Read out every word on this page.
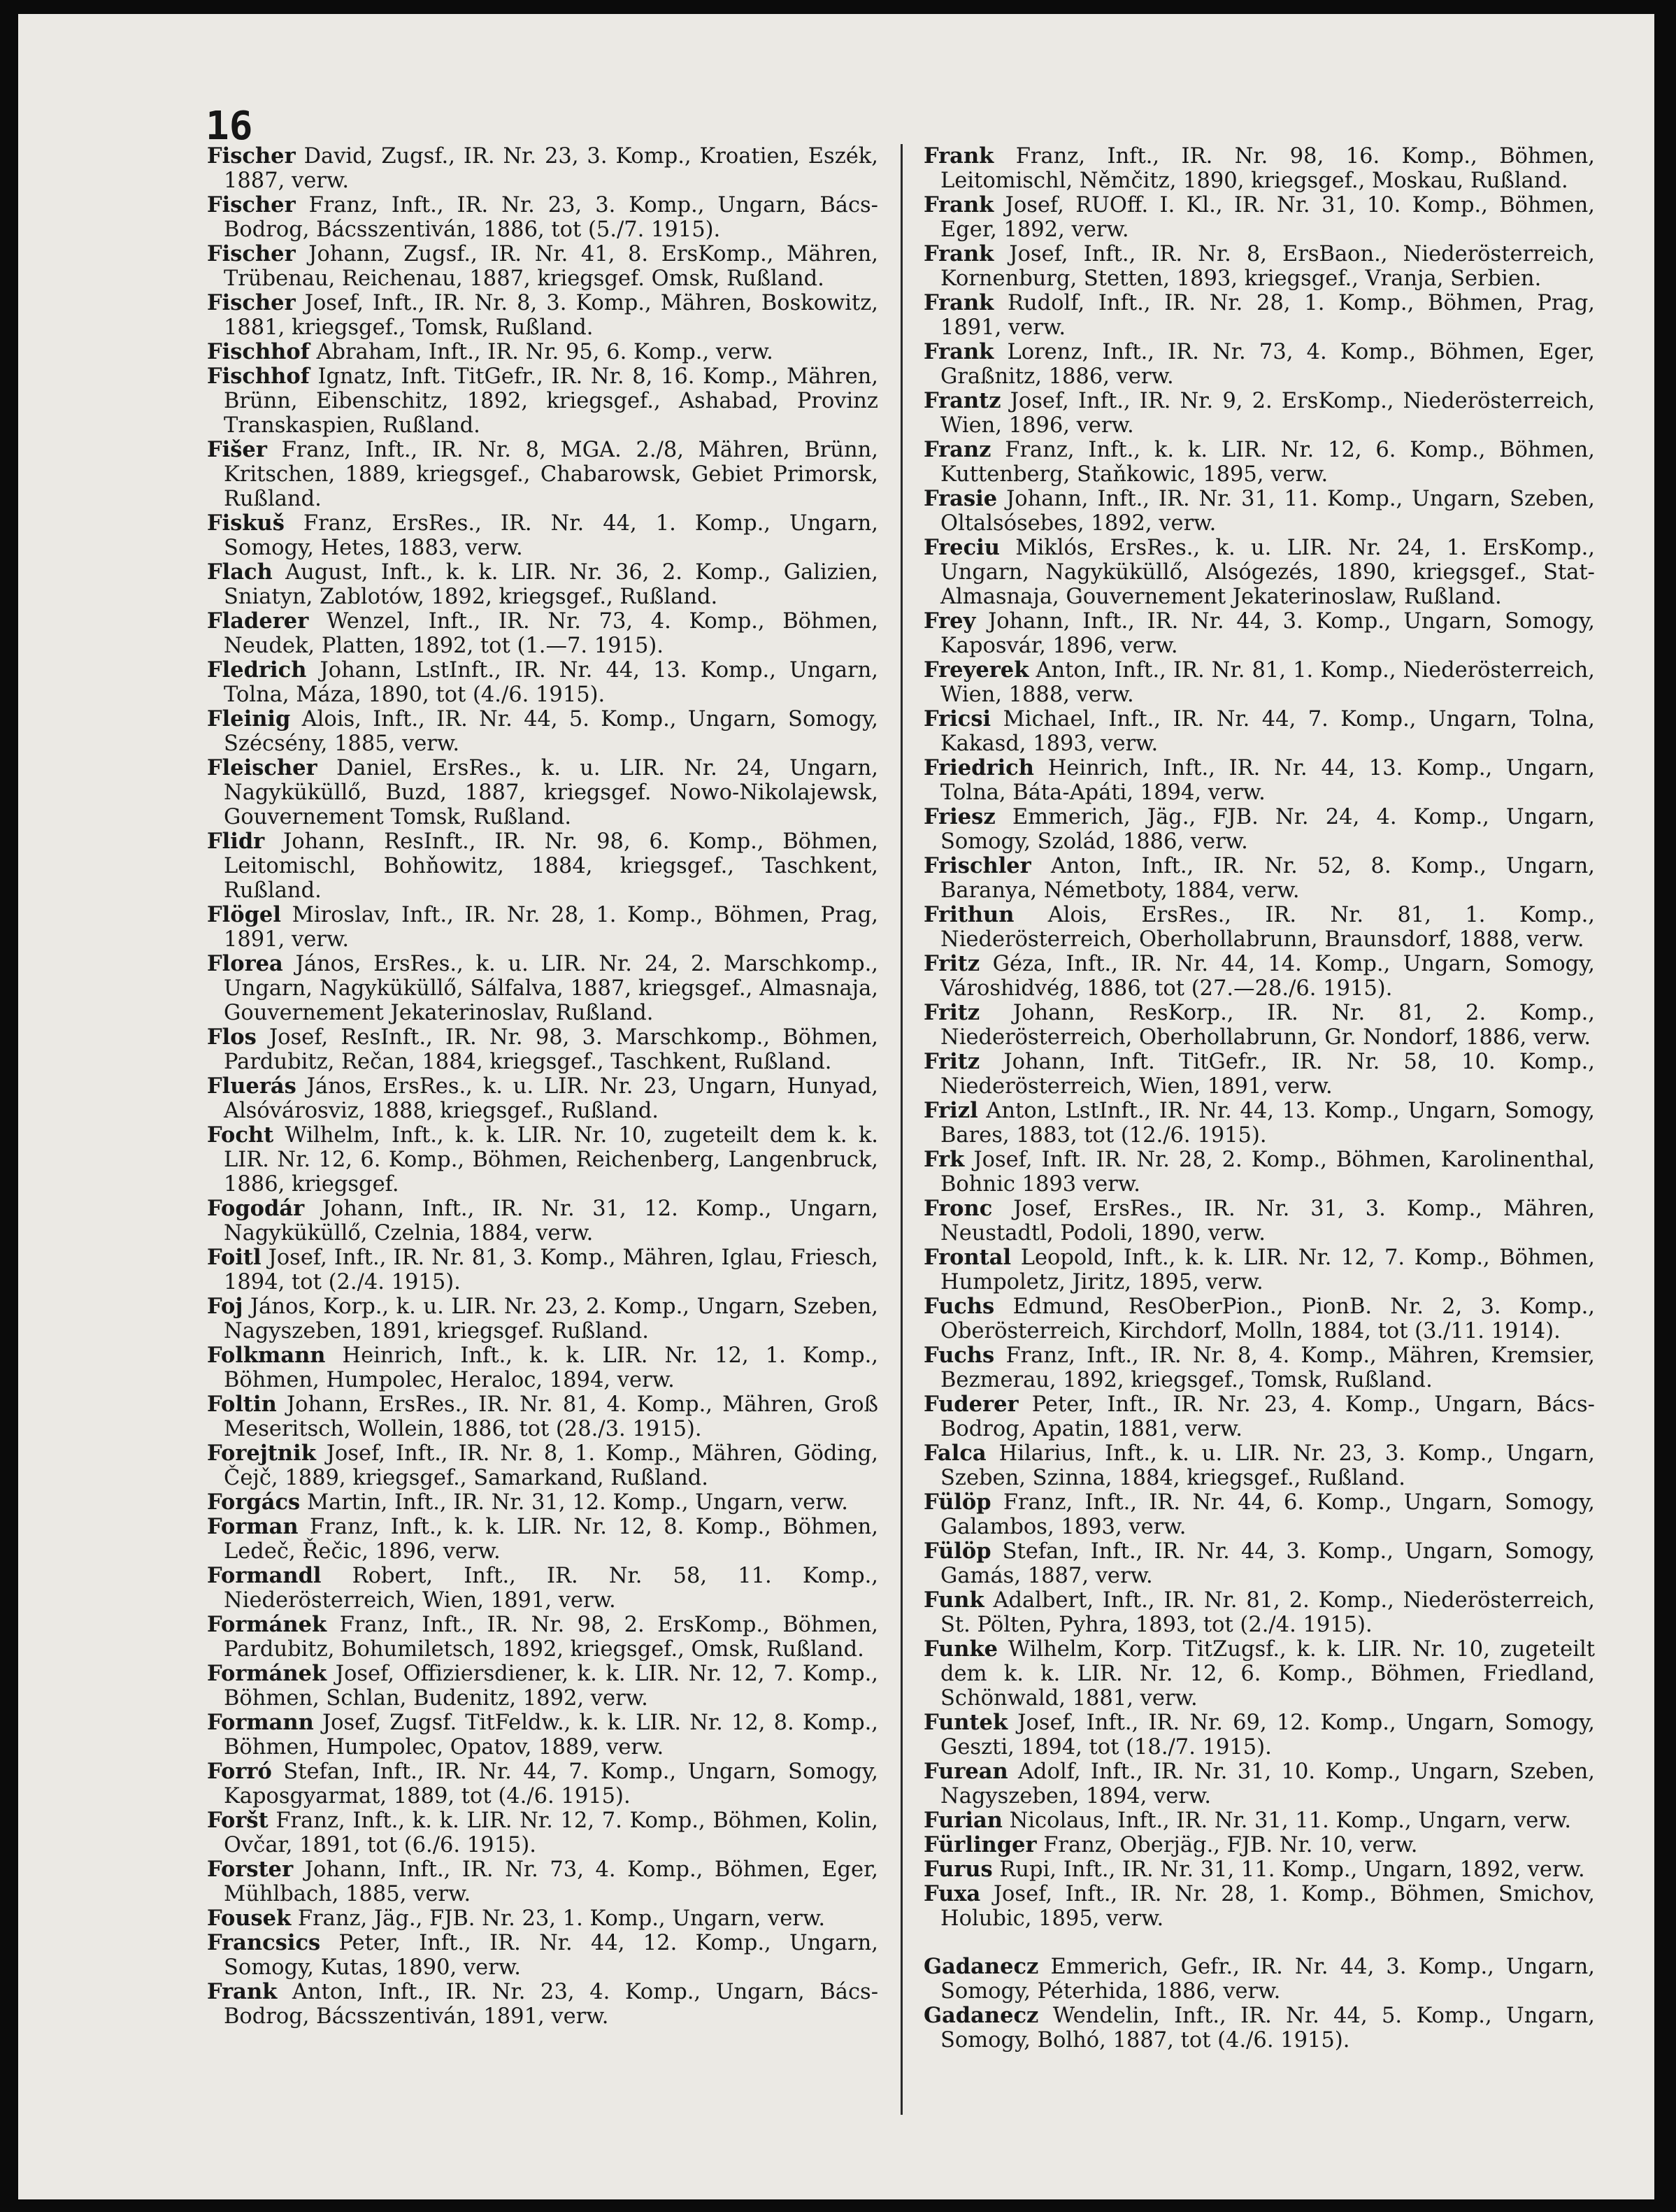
16

Fischer David, Zugsf., IR. Nr. 23, 3. Komp., Kroatien, Eszék, 1887, verw.

Fischer Franz, Inft., IR. Nr. 23, 3. Komp., Ungarn, Bács-Bodrog, Bácsszentiván, 1886, tot (5./7. 1915).

Fischer Johann, Zugsf., IR. Nr. 41, 8. ErsKomp., Mähren, Trübenau, Reichenau, 1887, kriegsgef. Omsk, Rußland.

Fischer Josef, Inft., IR. Nr. 8, 3. Komp., Mähren, Boskowitz, 1881, kriegsgef., Tomsk, Rußland.

Fischhof Abraham, Inft., IR. Nr. 95, 6. Komp., verw.

Fischhof Ignatz, Inft. TitGefr., IR. Nr. 8, 16. Komp., Mähren, Brünn, Eibenschitz, 1892, kriegsgef., Ashabad, Provinz Transkaspien, Rußland.

Fišer Franz, Inft., IR. Nr. 8, MGA. 2./8, Mähren, Brünn, Kritschen, 1889, kriegsgef., Chabarowsk, Gebiet Primorsk, Rußland.

Fiskuš Franz, ErsRes., IR. Nr. 44, 1. Komp., Ungarn, Somogy, Hetes, 1883, verw.

Flach August, Inft., k. k. LIR. Nr. 36, 2. Komp., Galizien, Sniatyn, Zablotów, 1892, kriegsgef., Rußland.

Fladerer Wenzel, Inft., IR. Nr. 73, 4. Komp., Böhmen, Neudek, Platten, 1892, tot (1.—7. 1915).

Fledrich Johann, LstInft., IR. Nr. 44, 13. Komp., Ungarn, Tolna, Máza, 1890, tot (4./6. 1915).

Fleinig Alois, Inft., IR. Nr. 44, 5. Komp., Ungarn, Somogy, Szécsény, 1885, verw.

Fleischer Daniel, ErsRes., k. u. LIR. Nr. 24, Ungarn, Nagyküküllő, Buzd, 1887, kriegsgef. Nowo-Nikolajewsk, Gouvernement Tomsk, Rußland.

Flidr Johann, ResInft., IR. Nr. 98, 6. Komp., Böhmen, Leitomischl, Bohňowitz, 1884, kriegsgef., Taschkent, Rußland.

Flögel Miroslav, Inft., IR. Nr. 28, 1. Komp., Böhmen, Prag, 1891, verw.

Florea János, ErsRes., k. u. LIR. Nr. 24, 2. Marschkomp., Ungarn, Nagyküküllő, Sálfalva, 1887, kriegsgef., Almasnaja, Gouvernement Jekaterinoslav, Rußland.

Flos Josef, ResInft., IR. Nr. 98, 3. Marschkomp., Böhmen, Pardubitz, Rečan, 1884, kriegsgef., Taschkent, Rußland.

Fluerás János, ErsRes., k. u. LIR. Nr. 23, Ungarn, Hunyad, Alsóvárosviz, 1888, kriegsgef., Rußland.

Focht Wilhelm, Inft., k. k. LIR. Nr. 10, zugeteilt dem k. k. LIR. Nr. 12, 6. Komp., Böhmen, Reichenberg, Langenbruck, 1886, kriegsgef.

Fogodár Johann, Inft., IR. Nr. 31, 12. Komp., Ungarn, Nagyküküllő, Czelnia, 1884, verw.

Foitl Josef, Inft., IR. Nr. 81, 3. Komp., Mähren, Iglau, Friesch, 1894, tot (2./4. 1915).

Foj János, Korp., k. u. LIR. Nr. 23, 2. Komp., Ungarn, Szeben, Nagyszeben, 1891, kriegsgef. Rußland.

Folkmann Heinrich, Inft., k. k. LIR. Nr. 12, 1. Komp., Böhmen, Humpolec, Heraloc, 1894, verw.

Foltin Johann, ErsRes., IR. Nr. 81, 4. Komp., Mähren, Groß Meseritsch, Wollein, 1886, tot (28./3. 1915).

Forejtnik Josef, Inft., IR. Nr. 8, 1. Komp., Mähren, Göding, Čejč, 1889, kriegsgef., Samarkand, Rußland.

Forgács Martin, Inft., IR. Nr. 31, 12. Komp., Ungarn, verw.

Forman Franz, Inft., k. k. LIR. Nr. 12, 8. Komp., Böhmen, Ledeč, Řečic, 1896, verw.

Formandl Robert, Inft., IR. Nr. 58, 11. Komp., Niederösterreich, Wien, 1891, verw.

Formánek Franz, Inft., IR. Nr. 98, 2. ErsKomp., Böhmen, Pardubitz, Bohumiletsch, 1892, kriegsgef., Omsk, Rußland.

Formánek Josef, Offiziersdiener, k. k. LIR. Nr. 12, 7. Komp., Böhmen, Schlan, Budenitz, 1892, verw.

Formann Josef, Zugsf. TitFeldw., k. k. LIR. Nr. 12, 8. Komp., Böhmen, Humpolec, Opatov, 1889, verw.

Forró Stefan, Inft., IR. Nr. 44, 7. Komp., Ungarn, Somogy, Kaposgyarmat, 1889, tot (4./6. 1915).

Foršt Franz, Inft., k. k. LIR. Nr. 12, 7. Komp., Böhmen, Kolin, Ovčar, 1891, tot (6./6. 1915).

Forster Johann, Inft., IR. Nr. 73, 4. Komp., Böhmen, Eger, Mühlbach, 1885, verw.

Fousek Franz, Jäg., FJB. Nr. 23, 1. Komp., Ungarn, verw.

Francsics Peter, Inft., IR. Nr. 44, 12. Komp., Ungarn, Somogy, Kutas, 1890, verw.

Frank Anton, Inft., IR. Nr. 23, 4. Komp., Ungarn, Bács-Bodrog, Bácsszentiván, 1891, verw.

Frank Franz, Inft., IR. Nr. 98, 16. Komp., Böhmen, Leitomischl, Němčitz, 1890, kriegsgef., Moskau, Rußland.

Frank Josef, RUOff. I. Kl., IR. Nr. 31, 10. Komp., Böhmen, Eger, 1892, verw.

Frank Josef, Inft., IR. Nr. 8, ErsBaon., Niederösterreich, Kornenburg, Stetten, 1893, kriegsgef., Vranja, Serbien.

Frank Rudolf, Inft., IR. Nr. 28, 1. Komp., Böhmen, Prag, 1891, verw.

Frank Lorenz, Inft., IR. Nr. 73, 4. Komp., Böhmen, Eger, Graßnitz, 1886, verw.

Frantz Josef, Inft., IR. Nr. 9, 2. ErsKomp., Niederösterreich, Wien, 1896, verw.

Franz Franz, Inft., k. k. LIR. Nr. 12, 6. Komp., Böhmen, Kuttenberg, Staňkowic, 1895, verw.

Frasie Johann, Inft., IR. Nr. 31, 11. Komp., Ungarn, Szeben, Oltalsósebes, 1892, verw.

Freciu Miklós, ErsRes., k. u. LIR. Nr. 24, 1. ErsKomp., Ungarn, Nagyküküllő, Alsógezés, 1890, kriegsgef., Stat-Almasnaja, Gouvernement Jekaterinoslaw, Rußland.

Frey Johann, Inft., IR. Nr. 44, 3. Komp., Ungarn, Somogy, Kaposvár, 1896, verw.

Freyerek Anton, Inft., IR. Nr. 81, 1. Komp., Niederösterreich, Wien, 1888, verw.

Fricsi Michael, Inft., IR. Nr. 44, 7. Komp., Ungarn, Tolna, Kakasd, 1893, verw.

Friedrich Heinrich, Inft., IR. Nr. 44, 13. Komp., Ungarn, Tolna, Báta-Apáti, 1894, verw.

Friesz Emmerich, Jäg., FJB. Nr. 24, 4. Komp., Ungarn, Somogy, Szolád, 1886, verw.

Frischler Anton, Inft., IR. Nr. 52, 8. Komp., Ungarn, Baranya, Németboty, 1884, verw.

Frithun Alois, ErsRes., IR. Nr. 81, 1. Komp., Niederösterreich, Oberhollabrunn, Braunsdorf, 1888, verw.

Fritz Géza, Inft., IR. Nr. 44, 14. Komp., Ungarn, Somogy, Városhidvég, 1886, tot (27.—28./6. 1915).

Fritz Johann, ResKorp., IR. Nr. 81, 2. Komp., Niederösterreich, Oberhollabrunn, Gr. Nondorf, 1886, verw.

Fritz Johann, Inft. TitGefr., IR. Nr. 58, 10. Komp., Niederösterreich, Wien, 1891, verw.

Frizl Anton, LstInft., IR. Nr. 44, 13. Komp., Ungarn, Somogy, Bares, 1883, tot (12./6. 1915).

Frk Josef, Inft. IR. Nr. 28, 2. Komp., Böhmen, Karolinenthal, Bohnic 1893 verw.

Fronc Josef, ErsRes., IR. Nr. 31, 3. Komp., Mähren, Neustadtl, Podoli, 1890, verw.

Frontal Leopold, Inft., k. k. LIR. Nr. 12, 7. Komp., Böhmen, Humpoletz, Jiritz, 1895, verw.

Fuchs Edmund, ResOberPion., PionB. Nr. 2, 3. Komp., Oberösterreich, Kirchdorf, Molln, 1884, tot (3./11. 1914).

Fuchs Franz, Inft., IR. Nr. 8, 4. Komp., Mähren, Kremsier, Bezmerau, 1892, kriegsgef., Tomsk, Rußland.

Fuderer Peter, Inft., IR. Nr. 23, 4. Komp., Ungarn, Bács-Bodrog, Apatin, 1881, verw.

Falca Hilarius, Inft., k. u. LIR. Nr. 23, 3. Komp., Ungarn, Szeben, Szinna, 1884, kriegsgef., Rußland.

Fülöp Franz, Inft., IR. Nr. 44, 6. Komp., Ungarn, Somogy, Galambos, 1893, verw.

Fülöp Stefan, Inft., IR. Nr. 44, 3. Komp., Ungarn, Somogy, Gamás, 1887, verw.

Funk Adalbert, Inft., IR. Nr. 81, 2. Komp., Niederösterreich, St. Pölten, Pyhra, 1893, tot (2./4. 1915).

Funke Wilhelm, Korp. TitZugsf., k. k. LIR. Nr. 10, zugeteilt dem k. k. LIR. Nr. 12, 6. Komp., Böhmen, Friedland, Schönwald, 1881, verw.

Funtek Josef, Inft., IR. Nr. 69, 12. Komp., Ungarn, Somogy, Geszti, 1894, tot (18./7. 1915).

Furean Adolf, Inft., IR. Nr. 31, 10. Komp., Ungarn, Szeben, Nagyszeben, 1894, verw.

Furian Nicolaus, Inft., IR. Nr. 31, 11. Komp., Ungarn, verw.

Fürlinger Franz, Oberjäg., FJB. Nr. 10, verw.

Furus Rupi, Inft., IR. Nr. 31, 11. Komp., Ungarn, 1892, verw.

Fuxa Josef, Inft., IR. Nr. 28, 1. Komp., Böhmen, Smichov, Holubic, 1895, verw.

Gadanecz Emmerich, Gefr., IR. Nr. 44, 3. Komp., Ungarn, Somogy, Péterhida, 1886, verw.

Gadanecz Wendelin, Inft., IR. Nr. 44, 5. Komp., Ungarn, Somogy, Bolhó, 1887, tot (4./6. 1915).
